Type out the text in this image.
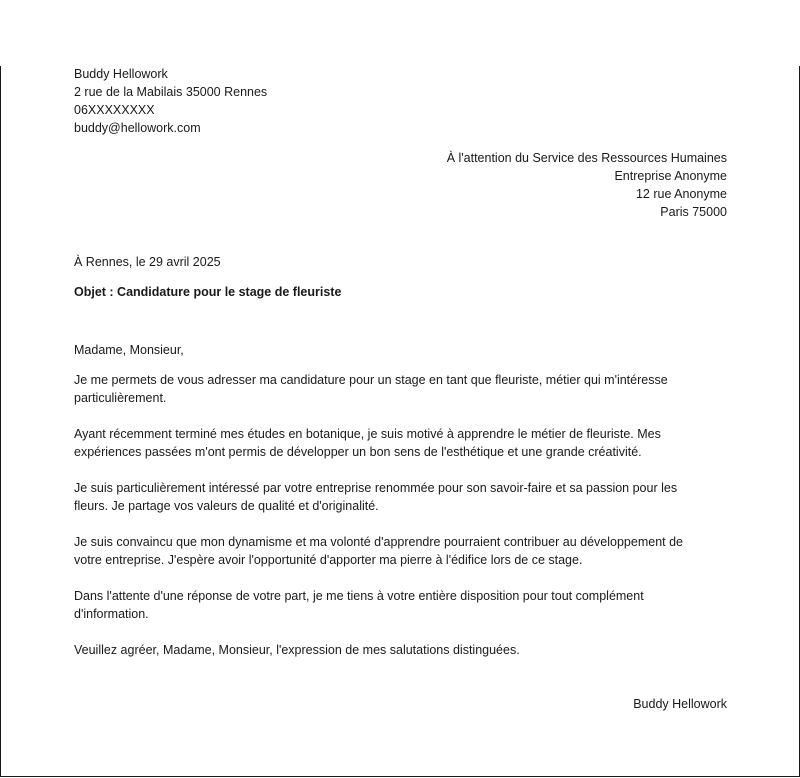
Buddy Hellowork

2 rue de la Mabilais 35000 Rennes

06XXXXXXXX

buddy@hellowork.com

À l'attention du Service des Ressources Humaines

Entreprise Anonyme

12 rue Anonyme

Paris 75000

À Rennes, le 29 avril 2025

Objet : Candidature pour le stage de fleuriste

Madame, Monsieur,

Je me permets de vous adresser ma candidature pour un stage en tant que fleuriste, métier qui m'intéresse particulièrement.

Ayant récemment terminé mes études en botanique, je suis motivé à apprendre le métier de fleuriste. Mes expériences passées m'ont permis de développer un bon sens de l'esthétique et une grande créativité.

Je suis particulièrement intéressé par votre entreprise renommée pour son savoir-faire et sa passion pour les fleurs. Je partage vos valeurs de qualité et d'originalité.

Je suis convaincu que mon dynamisme et ma volonté d'apprendre pourraient contribuer au développement de votre entreprise. J'espère avoir l'opportunité d'apporter ma pierre à l'édifice lors de ce stage.

Dans l'attente d'une réponse de votre part, je me tiens à votre entière disposition pour tout complément d'information.

Veuillez agréer, Madame, Monsieur, l'expression de mes salutations distinguées.

Buddy Hellowork
